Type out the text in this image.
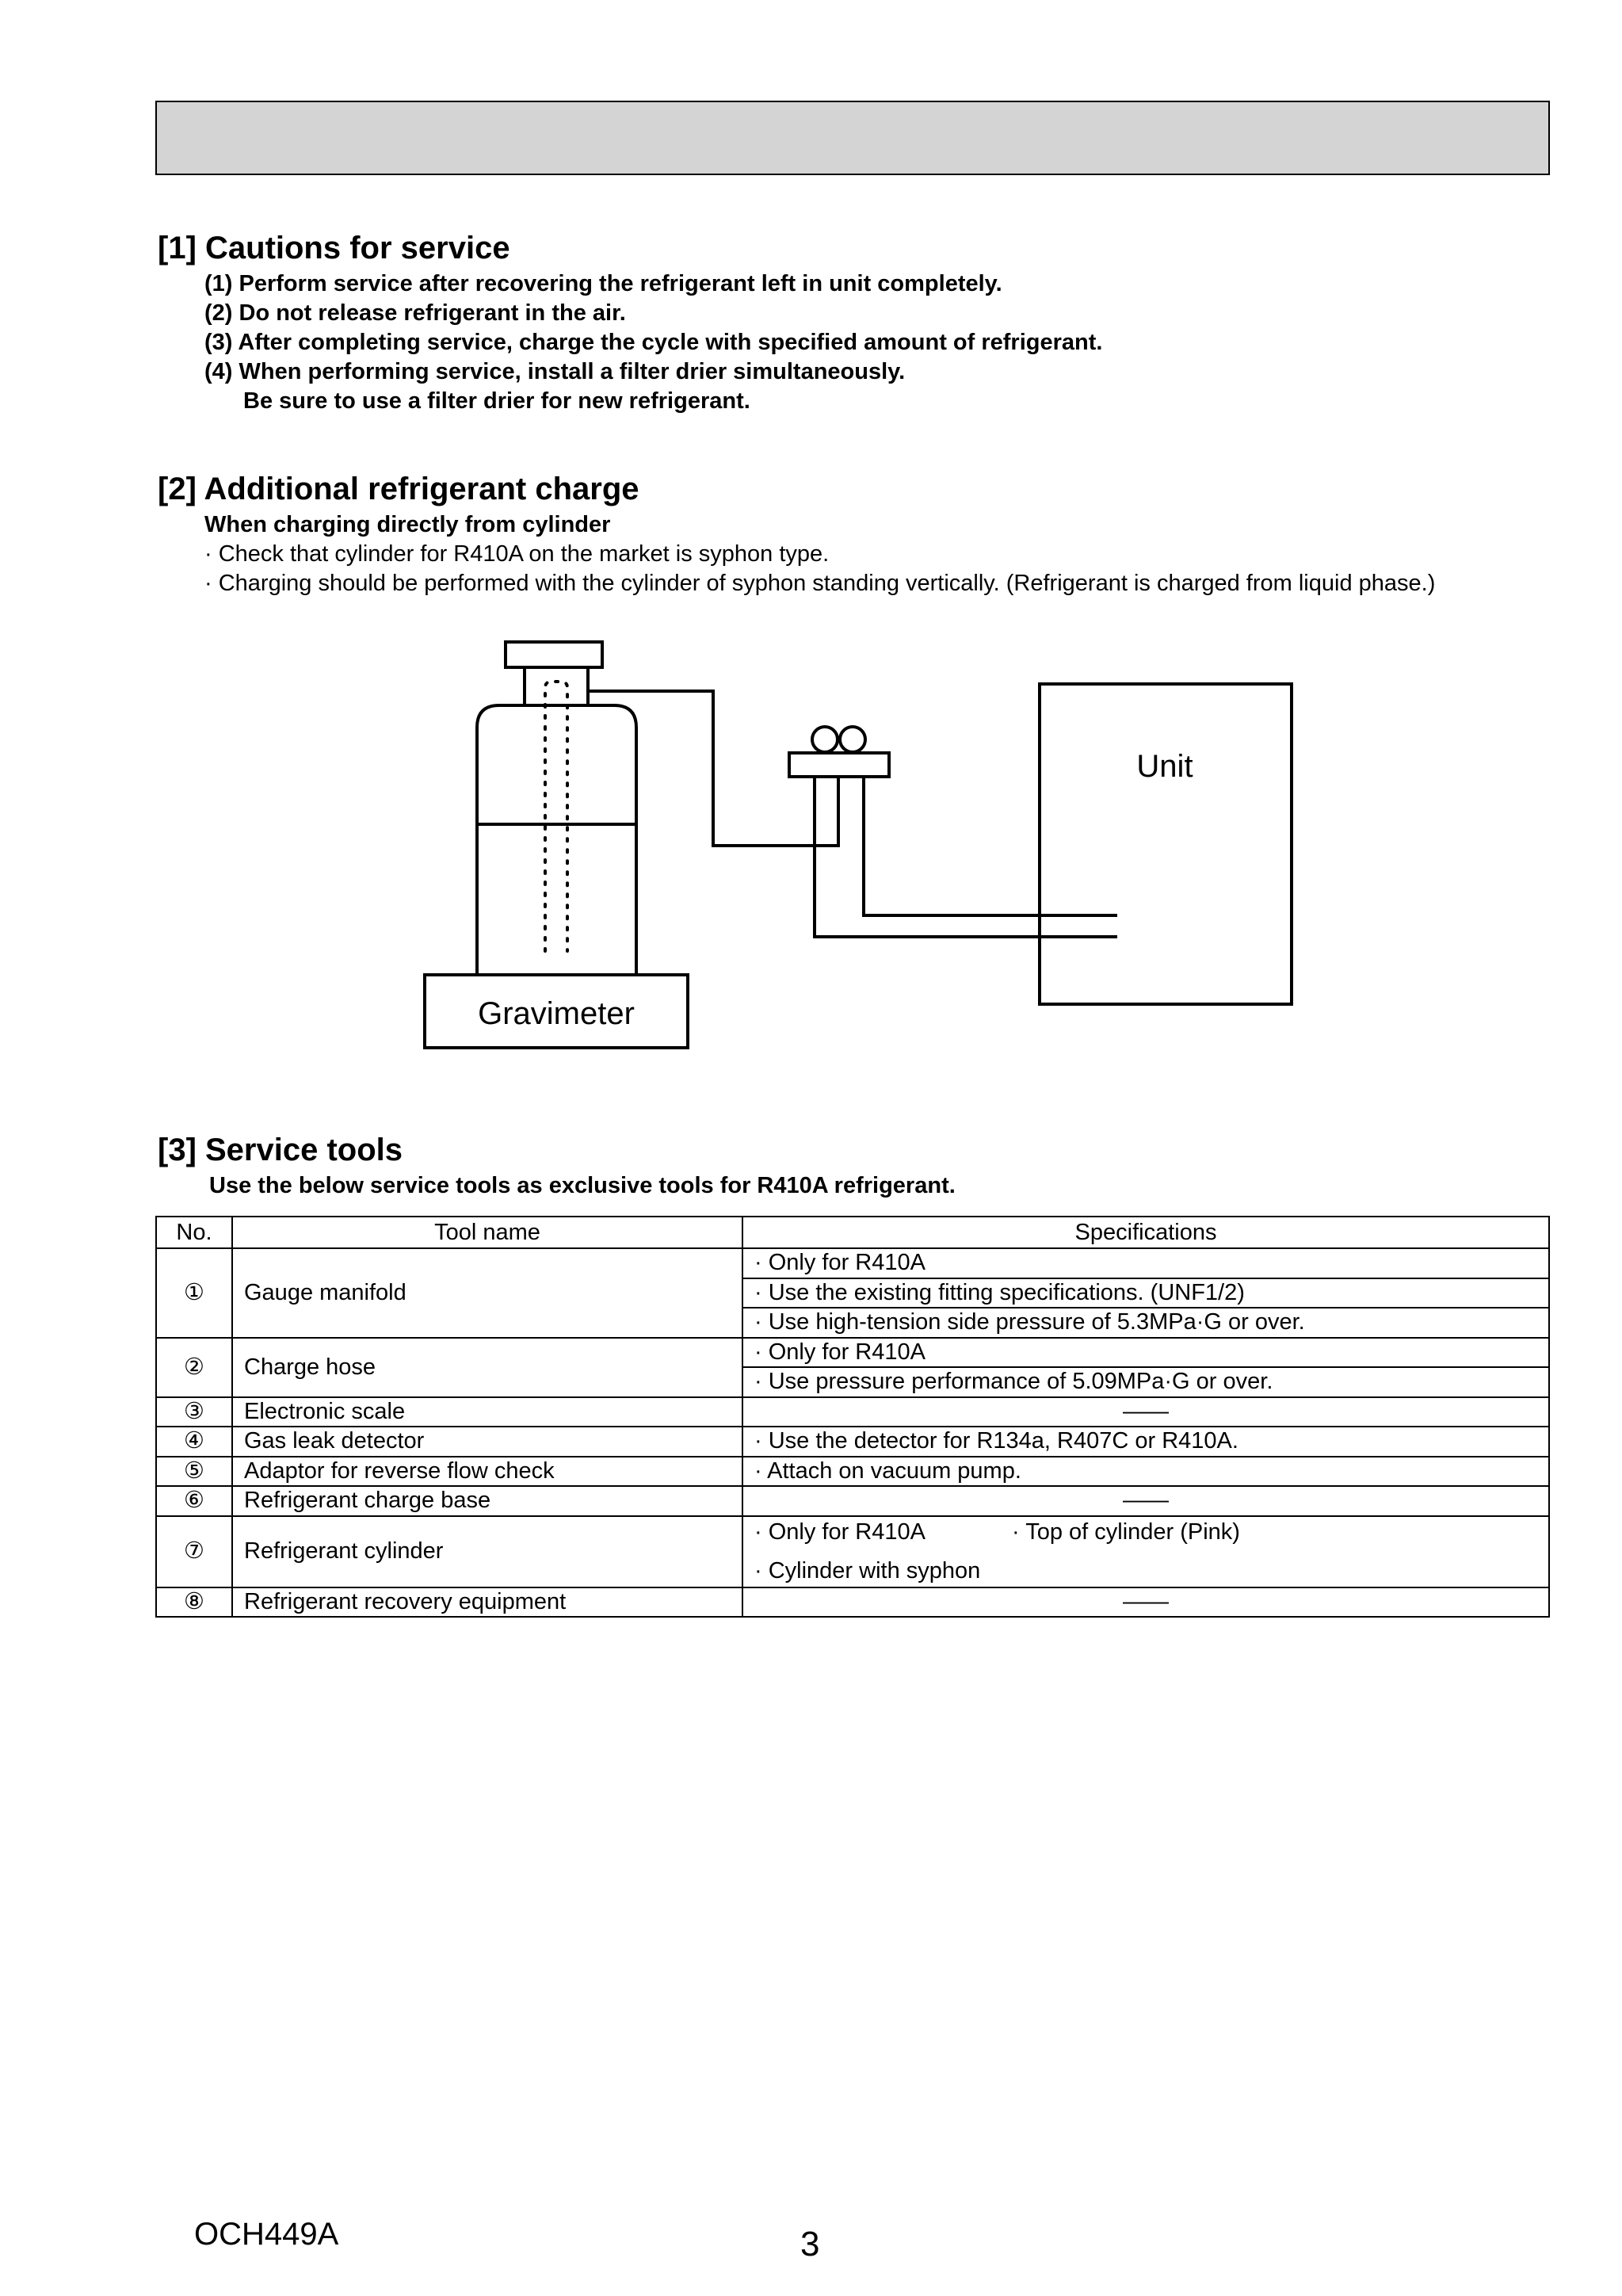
[1] Cautions for service
(1) Perform service after recovering the refrigerant left in unit completely.
(2) Do not release refrigerant in the air.
(3) After completing service, charge the cycle with specified amount of refrigerant.
(4) When performing service, install a filter drier simultaneously.
Be sure to use a filter drier for new refrigerant.
[2] Additional refrigerant charge
When charging directly from cylinder
· Check that cylinder for R410A on the market is syphon type.
· Charging should be performed with the cylinder of syphon standing vertically. (Refrigerant is charged from liquid phase.)
Unit
Gravimeter
[3] Service tools
Use the below service tools as exclusive tools for R410A refrigerant.
No.	Tool name	Specifications
①	Gauge manifold	· Only for R410A
		· Use the existing fitting specifications. (UNF1/2)
		· Use high-tension side pressure of 5.3MPa·G or over.
②	Charge hose	· Only for R410A
		· Use pressure performance of 5.09MPa·G or over.
③	Electronic scale	——
④	Gas leak detector	· Use the detector for R134a, R407C or R410A.
⑤	Adaptor for reverse flow check	· Attach on vacuum pump.
⑥	Refrigerant charge base	——
⑦	Refrigerant cylinder	· Only for R410A · Top of cylinder (Pink)
· Cylinder with syphon

⑧	Refrigerant recovery equipment	——
OCH449A	3
